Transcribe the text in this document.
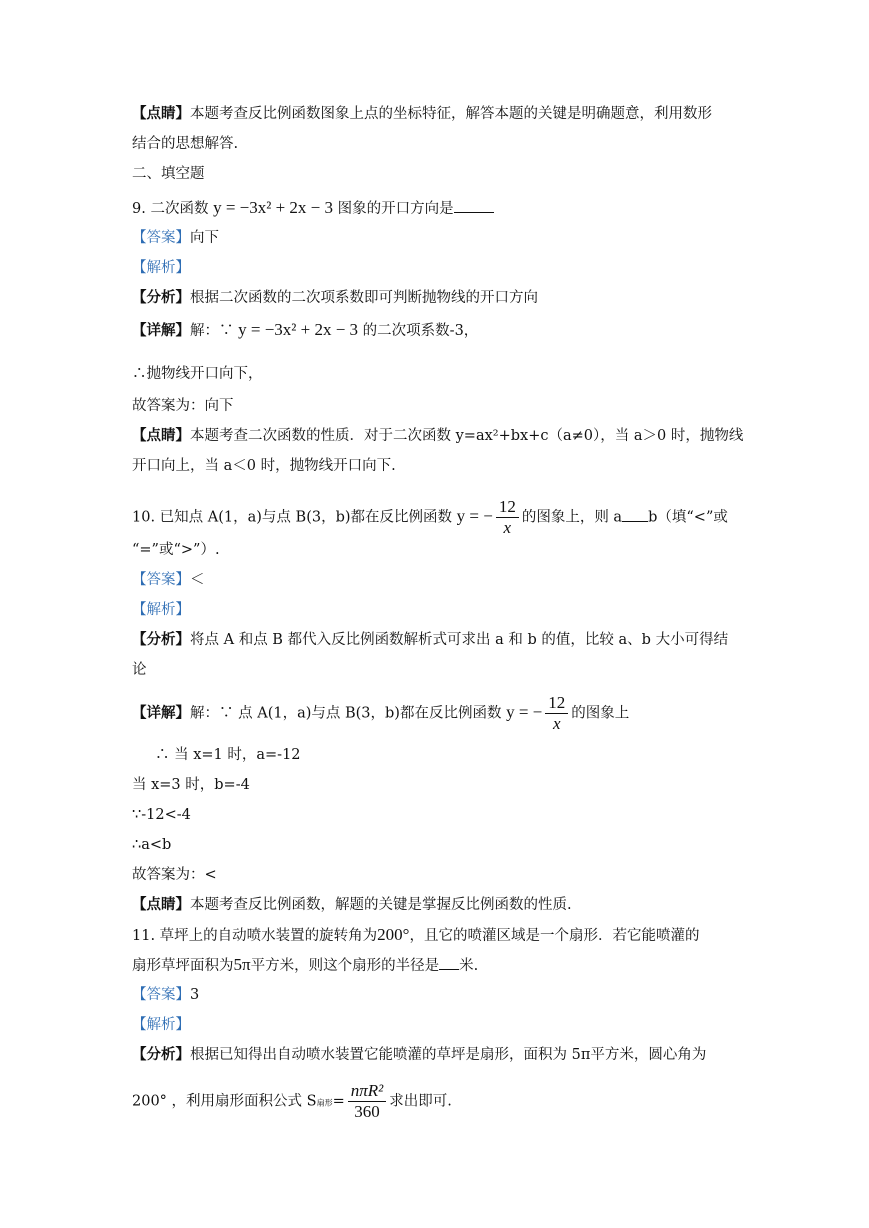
【点睛】本题考查反比例函数图象上点的坐标特征，解答本题的关键是明确题意，利用数形
结合的思想解答.
二、填空题
9. 二次函数 y = −3x² + 2x − 3 图象的开口方向是
【答案】向下
【解析】
【分析】根据二次函数的二次项系数即可判断抛物线的开口方向
【详解】解：∵ y = −3x² + 2x − 3 的二次项系数-3，
∴抛物线开口向下，
故答案为：向下
【点睛】本题考查二次函数的性质．对于二次函数 y=ax²+bx+c（a≠0），当 a＞0 时，抛物线
开口向上，当 a＜0 时，抛物线开口向下.
10. 已知点 A(1，a)与点 B(3，b)都在反比例函数 y = − $\frac{12}{x}$ 的图象上，则 a b（填“<”或
“=”或“>”）.
【答案】＜
【解析】
【分析】将点 A 和点 B 都代入反比例函数解析式可求出 a 和 b 的值，比较 a、b 大小可得结
论
【详解】解：∵ 点 A(1，a)与点 B(3，b)都在反比例函数 y = − $\frac{12}{x}$ 的图象上
∴ 当 x=1 时，a=-12
当 x=3 时，b=-4
∵-12<-4
∴a<b
故答案为：<
【点睛】本题考查反比例函数，解题的关键是掌握反比例函数的性质.
11. 草坪上的自动喷水装置的旋转角为200°，且它的喷灌区域是一个扇形．若它能喷灌的
扇形草坪面积为5π平方米，则这个扇形的半径是 米.
【答案】3
【解析】
【分析】根据已知得出自动喷水装置它能喷灌的草坪是扇形，面积为 5π平方米，圆心角为
200° ，利用扇形面积公式 S扇形= $\frac{\text{nπR²}}{360}$ 求出即可.
